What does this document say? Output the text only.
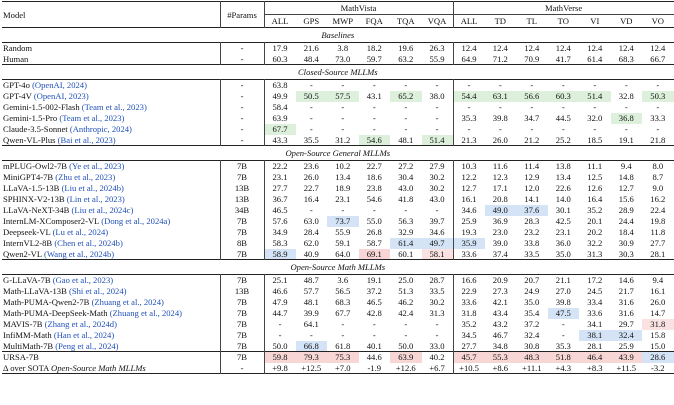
Model	#Params	MathVista						MathVerse						
		ALL	GPS	MWP	FQA	TQA	VQA	ALL	TD	TL	TO	VI	VD	VO
Baselines														
Random	-	17.9	21.6	3.8	18.2	19.6	26.3	12.4	12.4	12.4	12.4	12.4	12.4	12.4
Human	-	60.3	48.4	73.0	59.7	63.2	55.9	64.9	71.2	70.9	41.7	61.4	68.3	66.7
Closed-Source MLLMs														
GPT-4o (OpenAI, 2024)	-	63.8	-	-	-	-	-	-	-	-	-	-	-	-
GPT-4V (OpenAI, 2023)	-	49.9	50.5	57.5	43.1	65.2	38.0	54.4	63.1	56.6	60.3	51.4	32.8	50.3
Gemini-1.5-002-Flash (Team et al., 2023)	-	58.4	-	-	-	-	-	-	-	-	-	-	-	-
Gemini-1.5-Pro (Team et al., 2023)	-	63.9	-	-	-	-	-	35.3	39.8	34.7	44.5	32.0	36.8	33.3
Claude-3.5-Sonnet (Anthropic, 2024)	-	67.7	-	-	-	-	-	-	-	-	-	-	-	-
Qwen-VL-Plus (Bai et al., 2023)	-	43.3	35.5	31.2	54.6	48.1	51.4	21.3	26.0	21.2	25.2	18.5	19.1	21.8
Open-Source General MLLMs														
mPLUG-Owl2-7B (Ye et al., 2023)	7B	22.2	23.6	10.2	22.7	27.2	27.9	10.3	11.6	11.4	13.8	11.1	9.4	8.0
MiniGPT4-7B (Zhu et al., 2023)	7B	23.1	26.0	13.4	18.6	30.4	30.2	12.2	12.3	12.9	13.4	12.5	14.8	8.7
LLaVA-1.5-13B (Liu et al., 2024b)	13B	27.7	22.7	18.9	23.8	43.0	30.2	12.7	17.1	12.0	22.6	12.6	12.7	9.0
SPHINX-V2-13B (Lin et al., 2023)	13B	36.7	16.4	23.1	54.6	41.8	43.0	16.1	20.8	14.1	14.0	16.4	15.6	16.2
LLaVA-NeXT-34B (Liu et al., 2024c)	34B	46.5	-	-	-	-	-	34.6	49.0	37.6	30.1	35.2	28.9	22.4
InternLM-XComposer2-VL (Dong et al., 2024a)	7B	57.6	63.0	73.7	55.0	56.3	39.7	25.9	36.9	28.3	42.5	20.1	24.4	19.8
Deepseek-VL (Lu et al., 2024)	7B	34.9	28.4	55.9	26.8	32.9	34.6	19.3	23.0	23.2	23.1	20.2	18.4	11.8
InternVL2-8B (Chen et al., 2024b)	8B	58.3	62.0	59.1	58.7	61.4	49.7	35.9	39.0	33.8	36.0	32.2	30.9	27.7
Qwen2-VL (Wang et al., 2024b)	7B	58.9	40.9	64.0	69.1	60.1	58.1	33.6	37.4	33.5	35.0	31.3	30.3	28.1
Open-Source Math MLLMs														
G-LLaVA-7B (Gao et al., 2023)	7B	25.1	48.7	3.6	19.1	25.0	28.7	16.6	20.9	20.7	21.1	17.2	14.6	9.4
Math-LLaVA-13B (Shi et al., 2024)	13B	46.6	57.7	56.5	37.2	51.3	33.5	22.9	27.3	24.9	27.0	24.5	21.7	16.1
Math-PUMA-Qwen2-7B (Zhuang et al., 2024)	7B	47.9	48.1	68.3	46.5	46.2	30.2	33.6	42.1	35.0	39.8	33.4	31.6	26.0
Math-PUMA-DeepSeek-Math (Zhuang et al., 2024)	7B	44.7	39.9	67.7	42.8	42.4	31.3	31.8	43.4	35.4	47.5	33.6	31.6	14.7
MAVIS-7B (Zhang et al., 2024d)	7B	-	64.1	-	-	-	-	35.2	43.2	37.2	-	34.1	29.7	31.8
InfiMM-Math (Han et al., 2024)	7B	-	-	-	-	-	-	34.5	46.7	32.4	-	38.1	32.4	15.8
MultiMath-7B (Peng et al., 2024)	7B	50.0	66.8	61.8	40.1	50.0	33.0	27.7	34.8	30.8	35.3	28.1	25.9	15.0
URSA-7B	7B	59.8	79.3	75.3	44.6	63.9	40.2	45.7	55.3	48.3	51.8	46.4	43.9	28.6
Δ over SOTA Open-Source Math MLLMs	-	+9.8	+12.5	+7.0	-1.9	+12.6	+6.7	+10.5	+8.6	+11.1	+4.3	+8.3	+11.5	-3.2
